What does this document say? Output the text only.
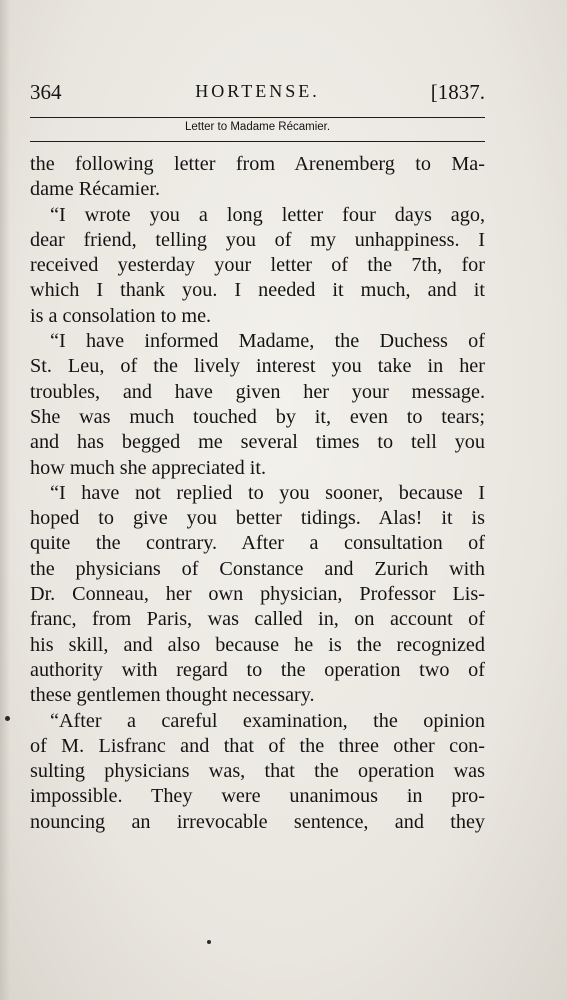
364	HORTENSE.	[1837.
Letter to Madame Récamier.
the following letter from Arenemberg to Ma-
dame Récamier.
“I wrote you a long letter four days ago,
dear friend, telling you of my unhappiness. I
received yesterday your letter of the 7th, for
which I thank you. I needed it much, and it
is a consolation to me.
“I have informed Madame, the Duchess of
St. Leu, of the lively interest you take in her
troubles, and have given her your message.
She was much touched by it, even to tears;
and has begged me several times to tell you
how much she appreciated it.
“I have not replied to you sooner, because I
hoped to give you better tidings. Alas! it is
quite the contrary. After a consultation of
the physicians of Constance and Zurich with
Dr. Conneau, her own physician, Professor Lis-
franc, from Paris, was called in, on account of
his skill, and also because he is the recognized
authority with regard to the operation two of
these gentlemen thought necessary.
“After a careful examination, the opinion
of M. Lisfranc and that of the three other con-
sulting physicians was, that the operation was
impossible. They were unanimous in pro-
nouncing an irrevocable sentence, and they
